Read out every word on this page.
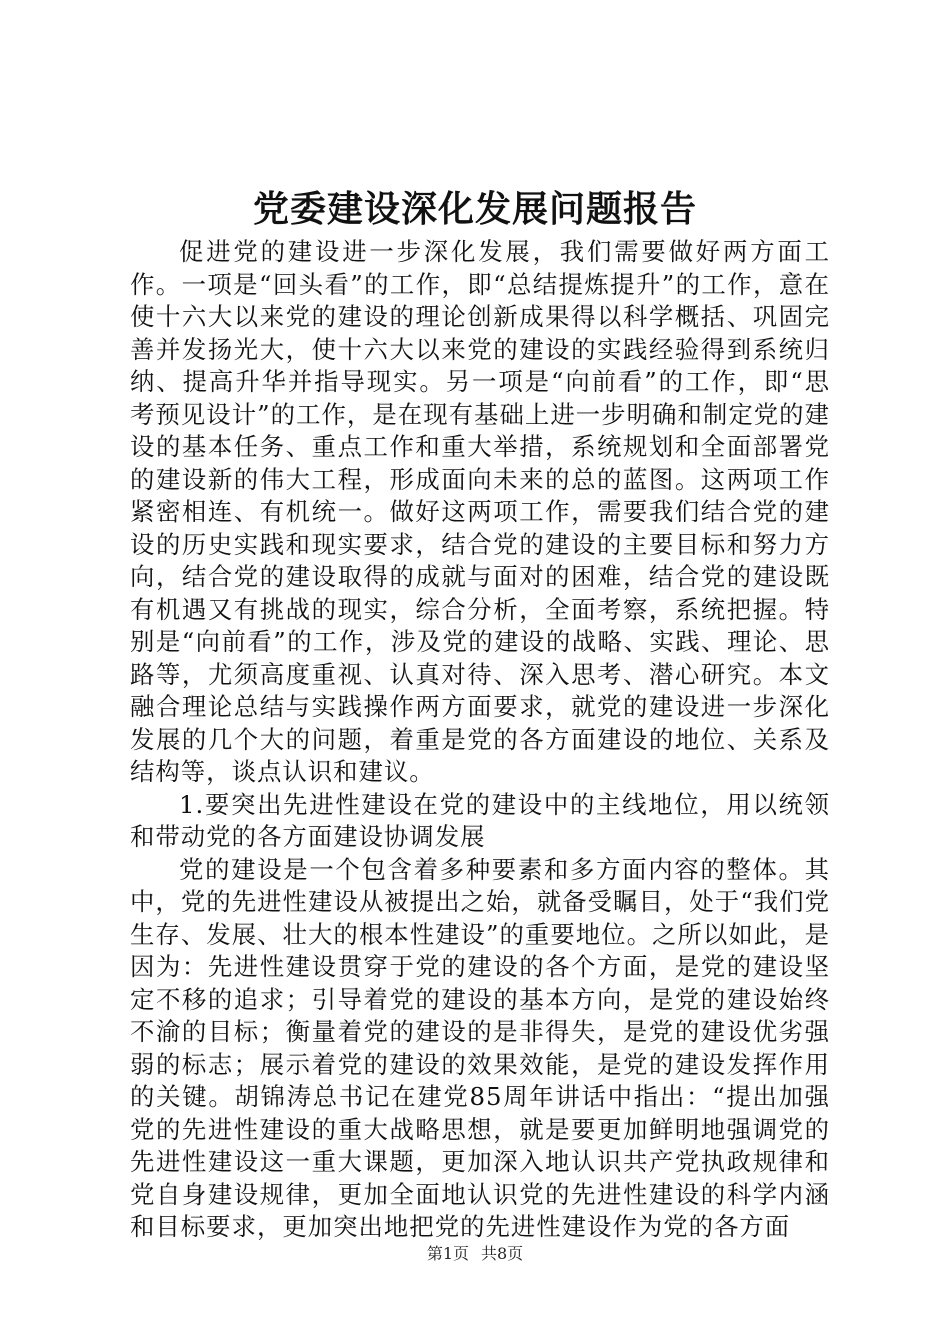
党委建设深化发展问题报告

促进党的建设进一步深化发展，我们需要做好两方面工作。一项是“回头看”的工作，即“总结提炼提升”的工作，意在使十六大以来党的建设的理论创新成果得以科学概括、巩固完善并发扬光大，使十六大以来党的建设的实践经验得到系统归纳、提高升华并指导现实。另一项是“向前看”的工作，即“思考预见设计”的工作，是在现有基础上进一步明确和制定党的建设的基本任务、重点工作和重大举措，系统规划和全面部署党的建设新的伟大工程，形成面向未来的总的蓝图。这两项工作紧密相连、有机统一。做好这两项工作，需要我们结合党的建设的历史实践和现实要求，结合党的建设的主要目标和努力方向，结合党的建设取得的成就与面对的困难，结合党的建设既有机遇又有挑战的现实，综合分析，全面考察，系统把握。特别是“向前看”的工作，涉及党的建设的战略、实践、理论、思路等，尤须高度重视、认真对待、深入思考、潜心研究。本文融合理论总结与实践操作两方面要求，就党的建设进一步深化发展的几个大的问题，着重是党的各方面建设的地位、关系及结构等，谈点认识和建议。

1.要突出先进性建设在党的建设中的主线地位，用以统领和带动党的各方面建设协调发展

党的建设是一个包含着多种要素和多方面内容的整体。其中，党的先进性建设从被提出之始，就备受瞩目，处于“我们党生存、发展、壮大的根本性建设”的重要地位。之所以如此，是因为：先进性建设贯穿于党的建设的各个方面，是党的建设坚定不移的追求；引导着党的建设的基本方向，是党的建设始终不渝的目标；衡量着党的建设的是非得失，是党的建设优劣强弱的标志；展示着党的建设的效果效能，是党的建设发挥作用的关键。胡锦涛总书记在建党85周年讲话中指出：“提出加强党的先进性建设的重大战略思想，就是要更加鲜明地强调党的先进性建设这一重大课题，更加深入地认识共产党执政规律和党自身建设规律，更加全面地认识党的先进性建设的科学内涵和目标要求，更加突出地把党的先进性建设作为党的各方面

第1页 共8页
